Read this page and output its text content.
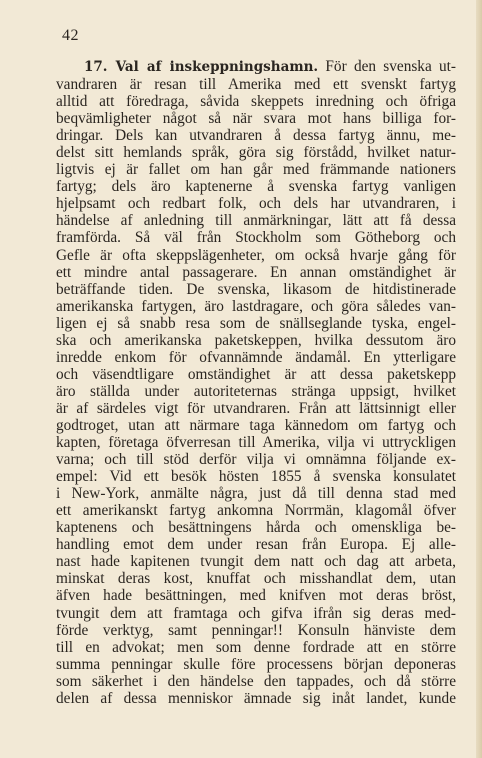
42
17. Val af inskeppningshamn. För den svenska ut-
vandraren är resan till Amerika med ett svenskt fartyg
alltid att föredraga, såvida skeppets inredning och öfriga
beqvämligheter något så när svara mot hans billiga for-
dringar. Dels kan utvandraren å dessa fartyg ännu, me-
delst sitt hemlands språk, göra sig förstådd, hvilket natur-
ligtvis ej är fallet om han går med främmande nationers
fartyg; dels äro kaptenerne å svenska fartyg vanligen
hjelpsamt och redbart folk, och dels har utvandraren, i
händelse af anledning till anmärkningar, lätt att få dessa
framförda. Så väl från Stockholm som Götheborg och
Gefle är ofta skeppslägenheter, om också hvarje gång för
ett mindre antal passagerare. En annan omständighet är
beträffande tiden. De svenska, likasom de hitdistinerade
amerikanska fartygen, äro lastdragare, och göra således van-
ligen ej så snabb resa som de snällseglande tyska, engel-
ska och amerikanska paketskeppen, hvilka dessutom äro
inredde enkom för ofvannämnde ändamål. En ytterligare
och väsendtligare omständighet är att dessa paketskepp
äro ställda under autoriteternas stränga uppsigt, hvilket
är af särdeles vigt för utvandraren. Från att lättsinnigt eller
godtroget, utan att närmare taga kännedom om fartyg och
kapten, företaga öfverresan till Amerika, vilja vi uttryckligen
varna; och till stöd derför vilja vi omnämna följande ex-
empel: Vid ett besök hösten 1855 å svenska konsulatet
i New-York, anmälte några, just då till denna stad med
ett amerikanskt fartyg ankomna Norrmän, klagomål öfver
kaptenens och besättningens hårda och omenskliga be-
handling emot dem under resan från Europa. Ej alle-
nast hade kapitenen tvungit dem natt och dag att arbeta,
minskat deras kost, knuffat och misshandlat dem, utan
äfven hade besättningen, med knifven mot deras bröst,
tvungit dem att framtaga och gifva ifrån sig deras med-
förde verktyg, samt penningar!! Konsuln hänviste dem
till en advokat; men som denne fordrade att en större
summa penningar skulle före processens början deponeras
som säkerhet i den händelse den tappades, och då större
delen af dessa menniskor ämnade sig inåt landet, kunde
